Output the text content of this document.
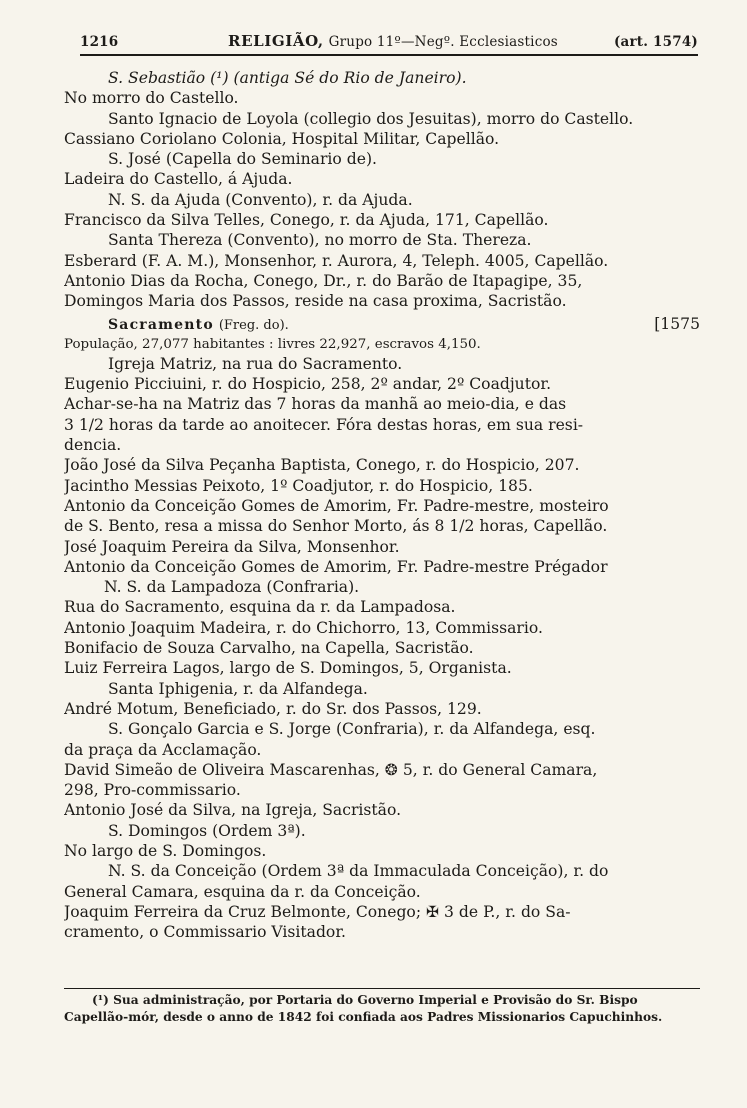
1216	RELIGIÃO, Grupo 11º—Negº. Ecclesiasticos	(art. 1574)

S. Sebastião (¹) (antiga Sé do Rio de Janeiro).

No morro do Castello.

Santo Ignacio de Loyola (collegio dos Jesuitas), morro do Castello.

Cassiano Coriolano Colonia, Hospital Militar, Capellão.

S. José (Capella do Seminario de).

Ladeira do Castello, á Ajuda.

N. S. da Ajuda (Convento), r. da Ajuda.

Francisco da Silva Telles, Conego, r. da Ajuda, 171, Capellão.

Santa Thereza (Convento), no morro de Sta. Thereza.

Esberard (F. A. M.), Monsenhor, r. Aurora, 4, Teleph. 4005, Capellão.

Antonio Dias da Rocha, Conego, Dr., r. do Barão de Itapagipe, 35,

Domingos Maria dos Passos, reside na casa proxima, Sacristão.

Sacramento (Freg. do).	[1575

População, 27,077 habitantes : livres 22,927, escravos 4,150.

Igreja Matriz, na rua do Sacramento.

Eugenio Picciuini, r. do Hospicio, 258, 2º andar, 2º Coadjutor.

Achar-se-ha na Matriz das 7 horas da manhã ao meio-dia, e das

3 1/2 horas da tarde ao anoitecer. Fóra destas horas, em sua resi-

dencia.

João José da Silva Peçanha Baptista, Conego, r. do Hospicio, 207.

Jacintho Messias Peixoto, 1º Coadjutor, r. do Hospicio, 185.

Antonio da Conceição Gomes de Amorim, Fr. Padre-mestre, mosteiro

de S. Bento, resa a missa do Senhor Morto, ás 8 1/2 horas, Capellão.

José Joaquim Pereira da Silva, Monsenhor.

Antonio da Conceição Gomes de Amorim, Fr. Padre-mestre Prégador

N. S. da Lampadoza (Confraria).

Rua do Sacramento, esquina da r. da Lampadosa.

Antonio Joaquim Madeira, r. do Chichorro, 13, Commissario.

Bonifacio de Souza Carvalho, na Capella, Sacristão.

Luiz Ferreira Lagos, largo de S. Domingos, 5, Organista.

Santa Iphigenia, r. da Alfandega.

André Motum, Beneficiado, r. do Sr. dos Passos, 129.

S. Gonçalo Garcia e S. Jorge (Confraria), r. da Alfandega, esq.

da praça da Acclamação.

David Simeão de Oliveira Mascarenhas, ❂ 5, r. do General Camara,

298, Pro-commissario.

Antonio José da Silva, na Igreja, Sacristão.

S. Domingos (Ordem 3ª).

No largo de S. Domingos.

N. S. da Conceição (Ordem 3ª da Immaculada Conceição), r. do

General Camara, esquina da r. da Conceição.

Joaquim Ferreira da Cruz Belmonte, Conego; ✠ 3 de P., r. do Sa-

cramento, o Commissario Visitador.

(¹) Sua administração, por Portaria do Governo Imperial e Provisão do Sr. Bispo

Capellão-mór, desde o anno de 1842 foi confiada aos Padres Missionarios Capuchinhos.
